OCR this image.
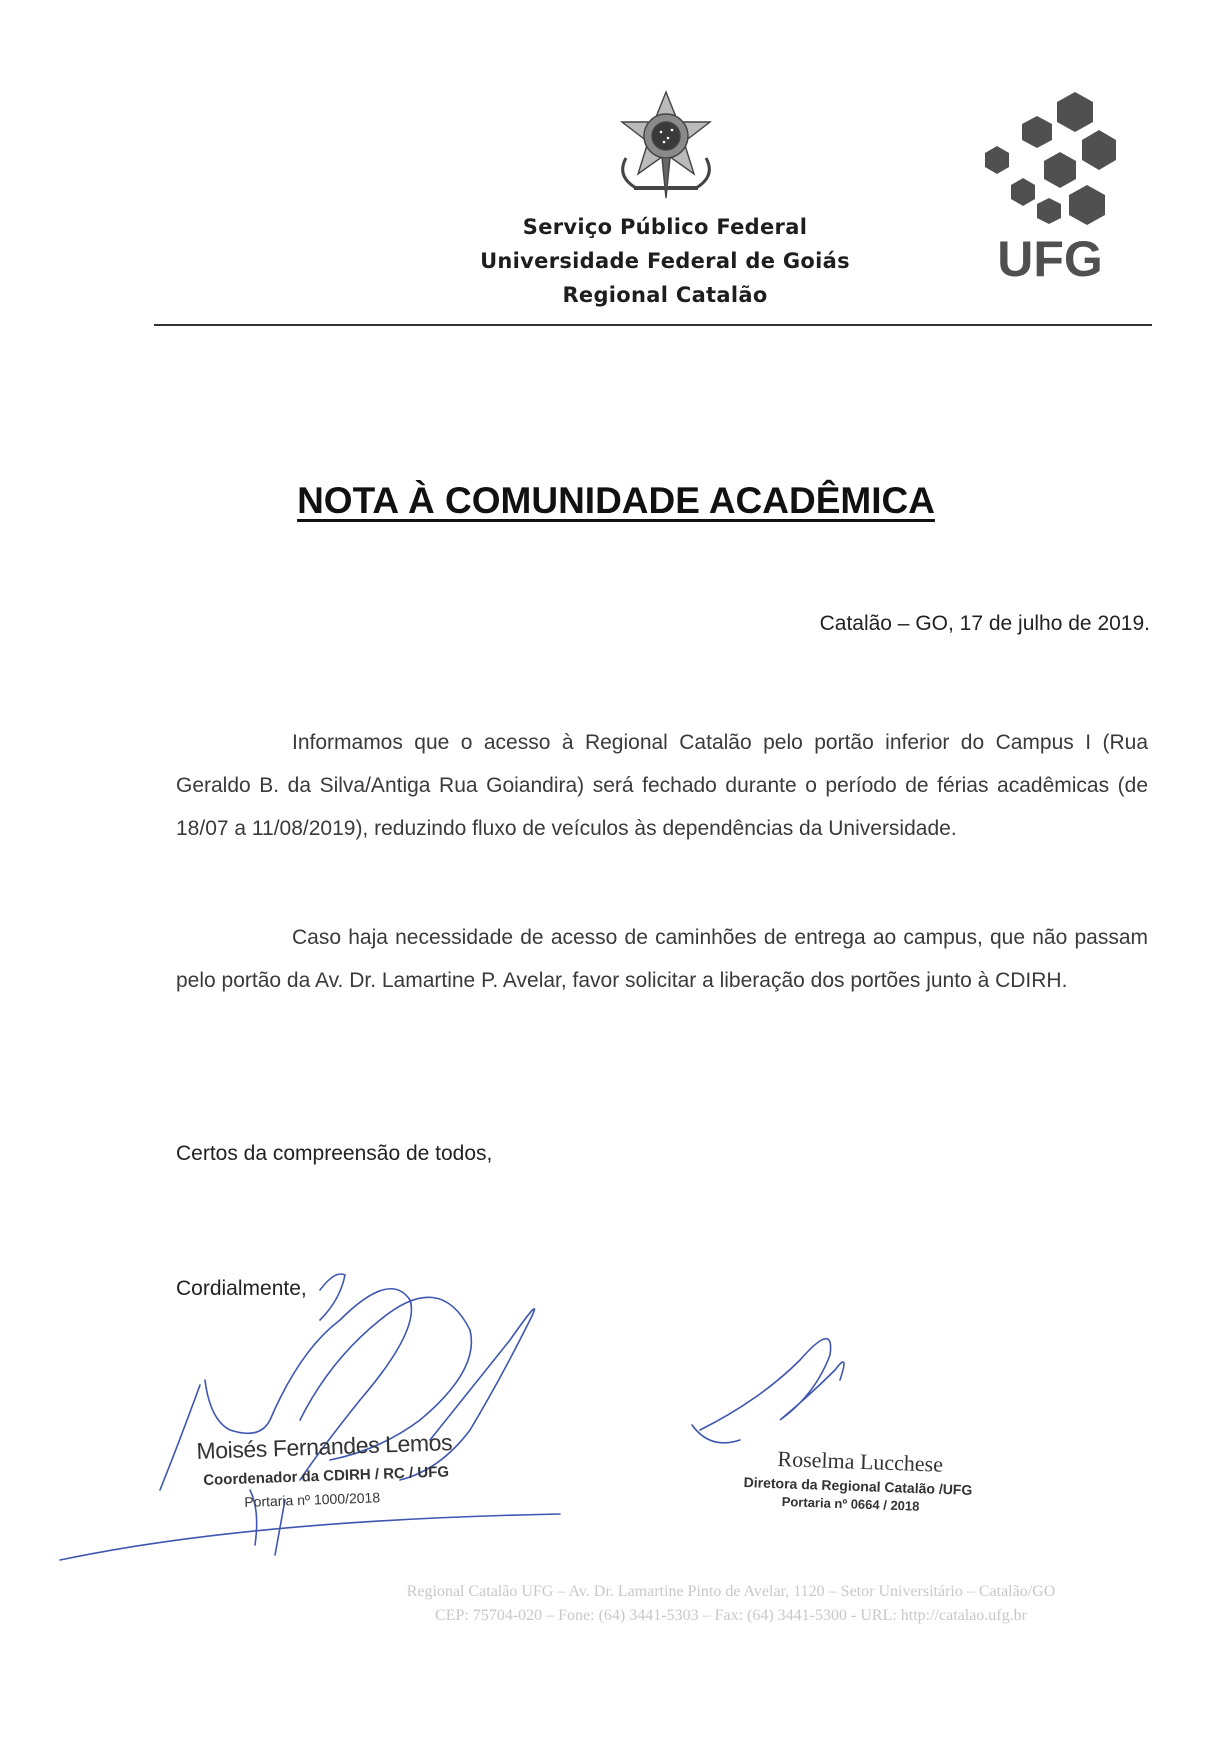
Serviço Público Federal
Universidade Federal de Goiás
Regional Catalão
UFG
NOTA À COMUNIDADE ACADÊMICA
Catalão – GO, 17 de julho de 2019.

Informamos que o acesso à Regional Catalão pelo portão inferior do Campus I (Rua Geraldo B. da Silva/Antiga Rua Goiandira) será fechado durante o período de férias acadêmicas (de 18/07 a 11/08/2019), reduzindo fluxo de veículos às dependências da Universidade.

Caso haja necessidade de acesso de caminhões de entrega ao campus, que não passam pelo portão da Av. Dr. Lamartine P. Avelar, favor solicitar a liberação dos portões junto à CDIRH.

Certos da compreensão de todos,
Cordialmente,
Moisés Fernandes Lemos
Coordenador da CDIRH / RC / UFG
Portaria nº 1000/2018
Roselma Lucchese
Diretora da Regional Catalão /UFG
Portaria nº 0664 / 2018
Regional Catalão UFG – Av. Dr. Lamartine Pinto de Avelar, 1120 – Setor Universitário – Catalão/GO
CEP: 75704-020 – Fone: (64) 3441-5303 – Fax: (64) 3441-5300 - URL: http://catalao.ufg.br
